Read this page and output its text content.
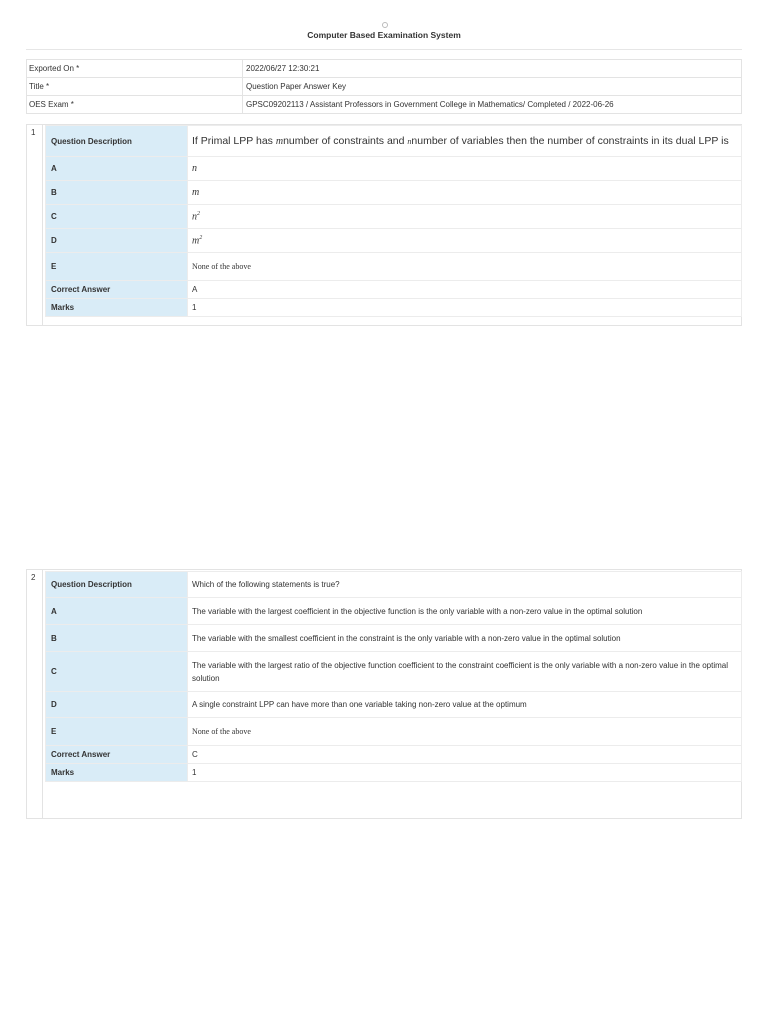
Computer Based Examination System
Exported On *	2022/06/27 12:30:21
Title *	Question Paper Answer Key
OES Exam *	GPSC09202113 / Assistant Professors in Government College in Mathematics/ Completed / 2022-06-26
1
Question Description	If Primal LPP has mnumber of constraints and nnumber of variables then the number of constraints in its dual LPP is
A	n
B	m
C	$n^2$
D	$m^2$
E	None of the above
Correct Answer	A
Marks	1
2
Question Description	Which of the following statements is true?
A	The variable with the largest coefficient in the objective function is the only variable with a non-zero value in the optimal solution
B	The variable with the smallest coefficient in the constraint is the only variable with a non-zero value in the optimal solution
C	The variable with the largest ratio of the objective function coefficient to the constraint coefficient is the only variable with a non-zero value in the optimal solution
D	A single constraint LPP can have more than one variable taking non-zero value at the optimum
E	None of the above
Correct Answer	C
Marks	1
